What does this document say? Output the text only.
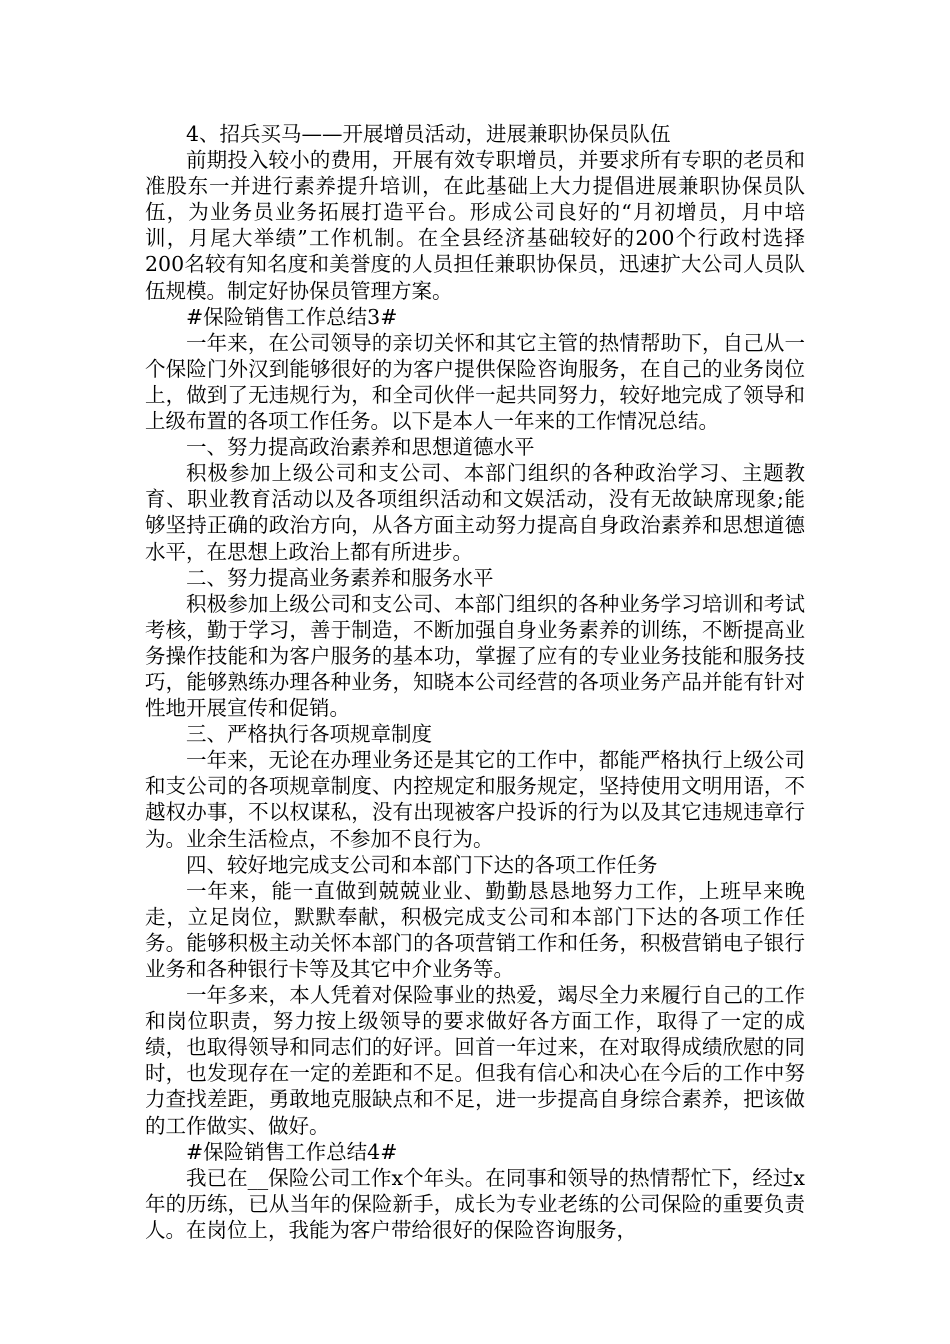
4、招兵买马——开展增员活动，进展兼职协保员队伍

前期投入较小的费用，开展有效专职增员，并要求所有专职的老员和准股东一并进行素养提升培训，在此基础上大力提倡进展兼职协保员队伍，为业务员业务拓展打造平台。形成公司良好的“月初增员，月中培训，月尾大举绩”工作机制。在全县经济基础较好的200个行政村选择200名较有知名度和美誉度的人员担任兼职协保员，迅速扩大公司人员队伍规模。制定好协保员管理方案。

#保险销售工作总结3#

一年来，在公司领导的亲切关怀和其它主管的热情帮助下，自己从一个保险门外汉到能够很好的为客户提供保险咨询服务，在自己的业务岗位上，做到了无违规行为，和全司伙伴一起共同努力，较好地完成了领导和上级布置的各项工作任务。以下是本人一年来的工作情况总结。

一、努力提高政治素养和思想道德水平

积极参加上级公司和支公司、本部门组织的各种政治学习、主题教育、职业教育活动以及各项组织活动和文娱活动，没有无故缺席现象;能够坚持正确的政治方向，从各方面主动努力提高自身政治素养和思想道德水平，在思想上政治上都有所进步。

二、努力提高业务素养和服务水平

积极参加上级公司和支公司、本部门组织的各种业务学习培训和考试考核，勤于学习，善于制造，不断加强自身业务素养的训练，不断提高业务操作技能和为客户服务的基本功，掌握了应有的专业业务技能和服务技巧，能够熟练办理各种业务，知晓本公司经营的各项业务产品并能有针对性地开展宣传和促销。

三、严格执行各项规章制度

一年来，无论在办理业务还是其它的工作中，都能严格执行上级公司和支公司的各项规章制度、内控规定和服务规定，坚持使用文明用语，不越权办事，不以权谋私，没有出现被客户投诉的行为以及其它违规违章行为。业余生活检点，不参加不良行为。

四、较好地完成支公司和本部门下达的各项工作任务

一年来，能一直做到兢兢业业、勤勤恳恳地努力工作，上班早来晚走，立足岗位，默默奉献，积极完成支公司和本部门下达的各项工作任务。能够积极主动关怀本部门的各项营销工作和任务，积极营销电子银行业务和各种银行卡等及其它中介业务等。

一年多来，本人凭着对保险事业的热爱，竭尽全力来履行自己的工作和岗位职责，努力按上级领导的要求做好各方面工作，取得了一定的成绩，也取得领导和同志们的好评。回首一年过来，在对取得成绩欣慰的同时，也发现存在一定的差距和不足。但我有信心和决心在今后的工作中努力查找差距，勇敢地克服缺点和不足，进一步提高自身综合素养，把该做的工作做实、做好。

#保险销售工作总结4#

我已在__保险公司工作x个年头。在同事和领导的热情帮忙下，经过x年的历练，已从当年的保险新手，成长为专业老练的公司保险的重要负责人。在岗位上，我能为客户带给很好的保险咨询服务，
